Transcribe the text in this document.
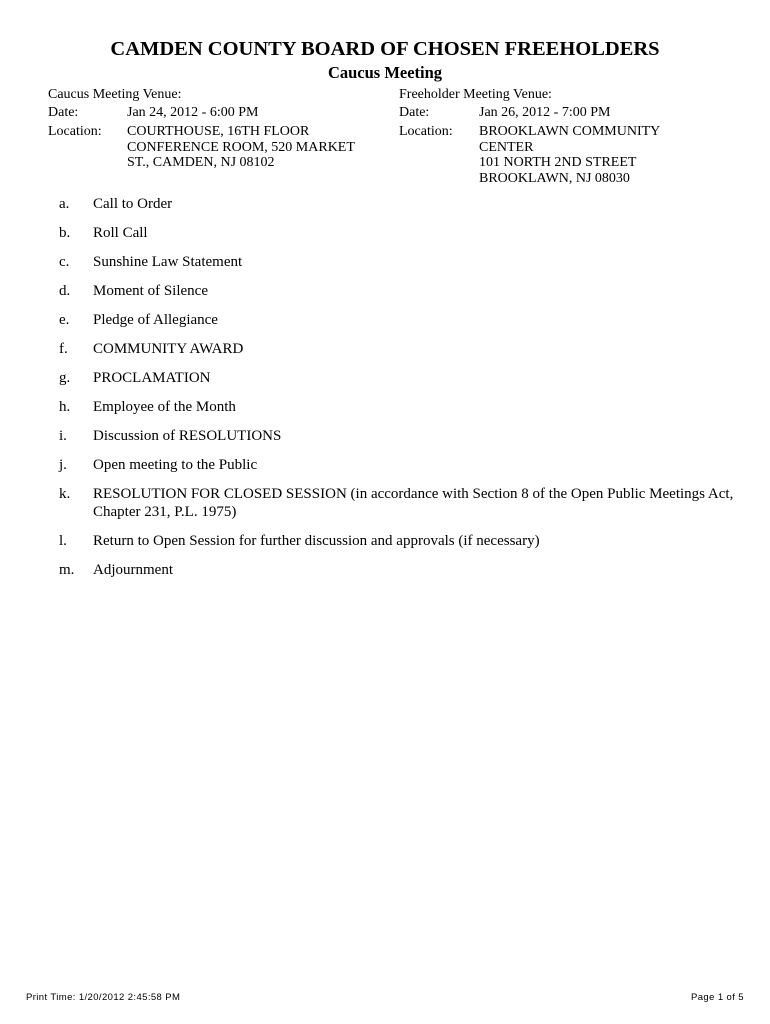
CAMDEN COUNTY BOARD OF CHOSEN FREEHOLDERS
Caucus Meeting
Caucus Meeting Venue:
Date:	Jan 24, 2012 - 6:00 PM
Location: COURTHOUSE, 16TH FLOOR
CONFERENCE ROOM, 520 MARKET
ST., CAMDEN, NJ 08102
Freeholder Meeting Venue:
Date:	Jan 26, 2012 - 7:00 PM
Location: BROOKLAWN COMMUNITY
CENTER
101 NORTH 2ND STREET
BROOKLAWN, NJ 08030
a. Call to Order
b. Roll Call
c. Sunshine Law Statement
d. Moment of Silence
e. Pledge of Allegiance
f. COMMUNITY AWARD
g. PROCLAMATION
h. Employee of the Month
i. Discussion of RESOLUTIONS
j. Open meeting to the Public
k. RESOLUTION FOR CLOSED SESSION (in accordance with Section 8 of the Open Public Meetings Act, Chapter 231, P.L. 1975)
l. Return to Open Session for further discussion and approvals (if necessary)
m. Adjournment
Print Time: 1/20/2012 2:45:58 PM	Page 1 of 5
